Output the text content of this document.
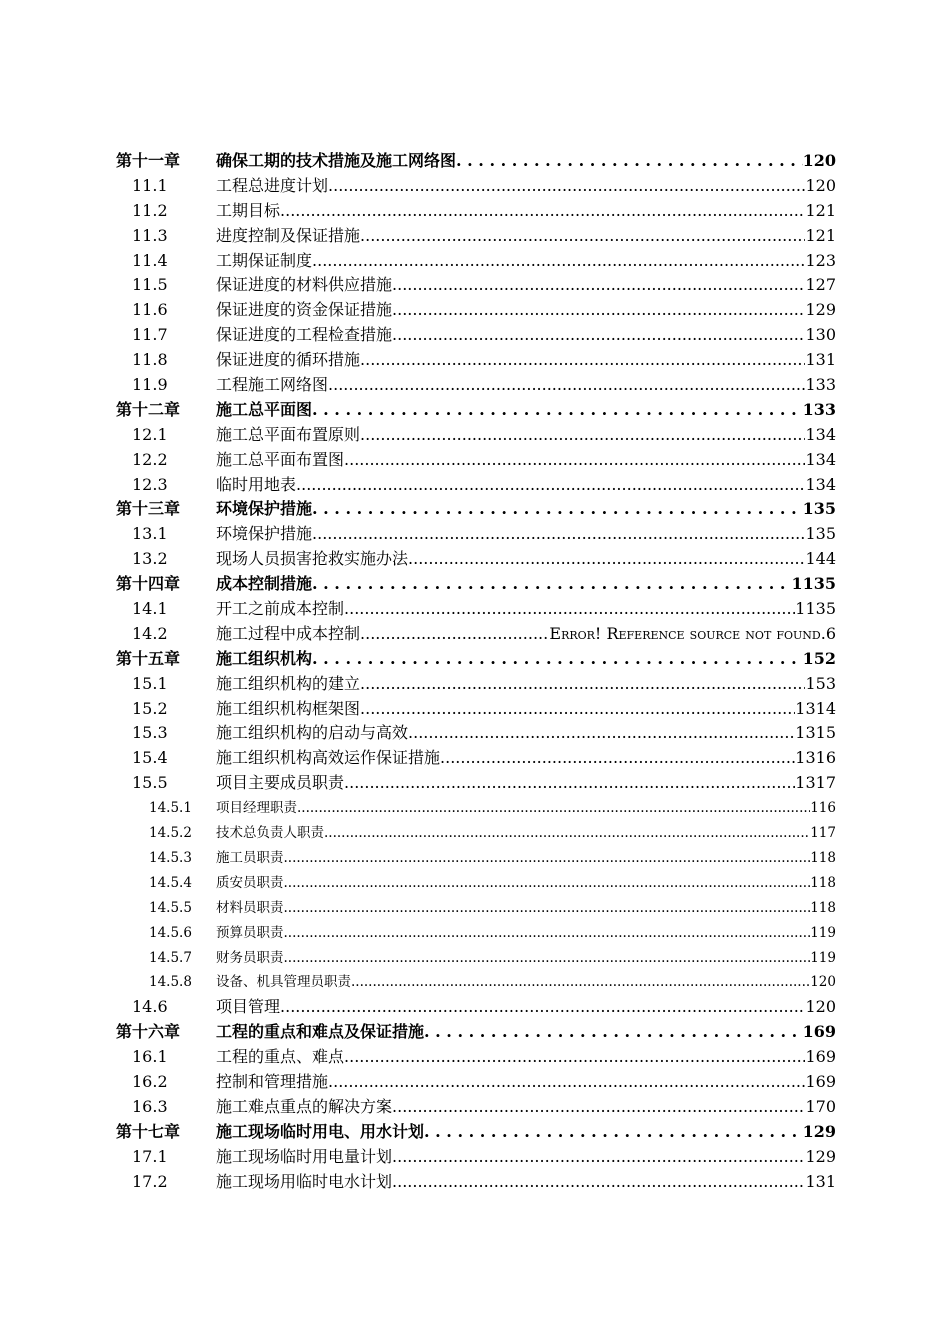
第十一章	确保工期的技术措施及施工网络图 . . .	120
11.1	工程总进度计划 .....	120
11.2	工期目标 .....	121
11.3	进度控制及保证措施 .....	121
11.4	工期保证制度 .....	123
11.5	保证进度的材料供应措施 .....	127
11.6	保证进度的资金保证措施 .....	129
11.7	保证进度的工程检查措施 .....	130
11.8	保证进度的循环措施 .....	131
11.9	工程施工网络图 .....	133
第十二章	施工总平面图 . . .	133
12.1	施工总平面布置原则 .....	134
12.2	施工总平面布置图 .....	134
12.3	临时用地表 .....	134
第十三章	环境保护措施 . . .	135
13.1	环境保护措施 .....	135
13.2	现场人员损害抢救实施办法 .....	144
第十四章	成本控制措施 . . .	1135
14.1	开工之前成本控制 .....	1135
14.2	施工过程中成本控制 .....	Error! Reference source not found.6
第十五章	施工组织机构 . . .	152
15.1	施工组织机构的建立 .....	153
15.2	施工组织机构框架图 .....	1314
15.3	施工组织机构的启动与高效 .....	1315
15.4	施工组织机构高效运作保证措施 .....	1316
15.5	项目主要成员职责 .....	1317
14.5.1	项目经理职责 .....	116
14.5.2	技术总负责人职责 .....	117
14.5.3	施工员职责 .....	118
14.5.4	质安员职责 .....	118
14.5.5	材料员职责 .....	118
14.5.6	预算员职责 .....	119
14.5.7	财务员职责 .....	119
14.5.8	设备、机具管理员职责 .....	120
14.6	项目管理 .....	120
第十六章	工程的重点和难点及保证措施 . . .	169
16.1	工程的重点、难点 .....	169
16.2	控制和管理措施 .....	169
16.3	施工难点重点的解决方案 .....	170
第十七章	施工现场临时用电、用水计划 . . .	129
17.1	施工现场临时用电量计划 .....	129
17.2	施工现场用临时电水计划 .....	131
